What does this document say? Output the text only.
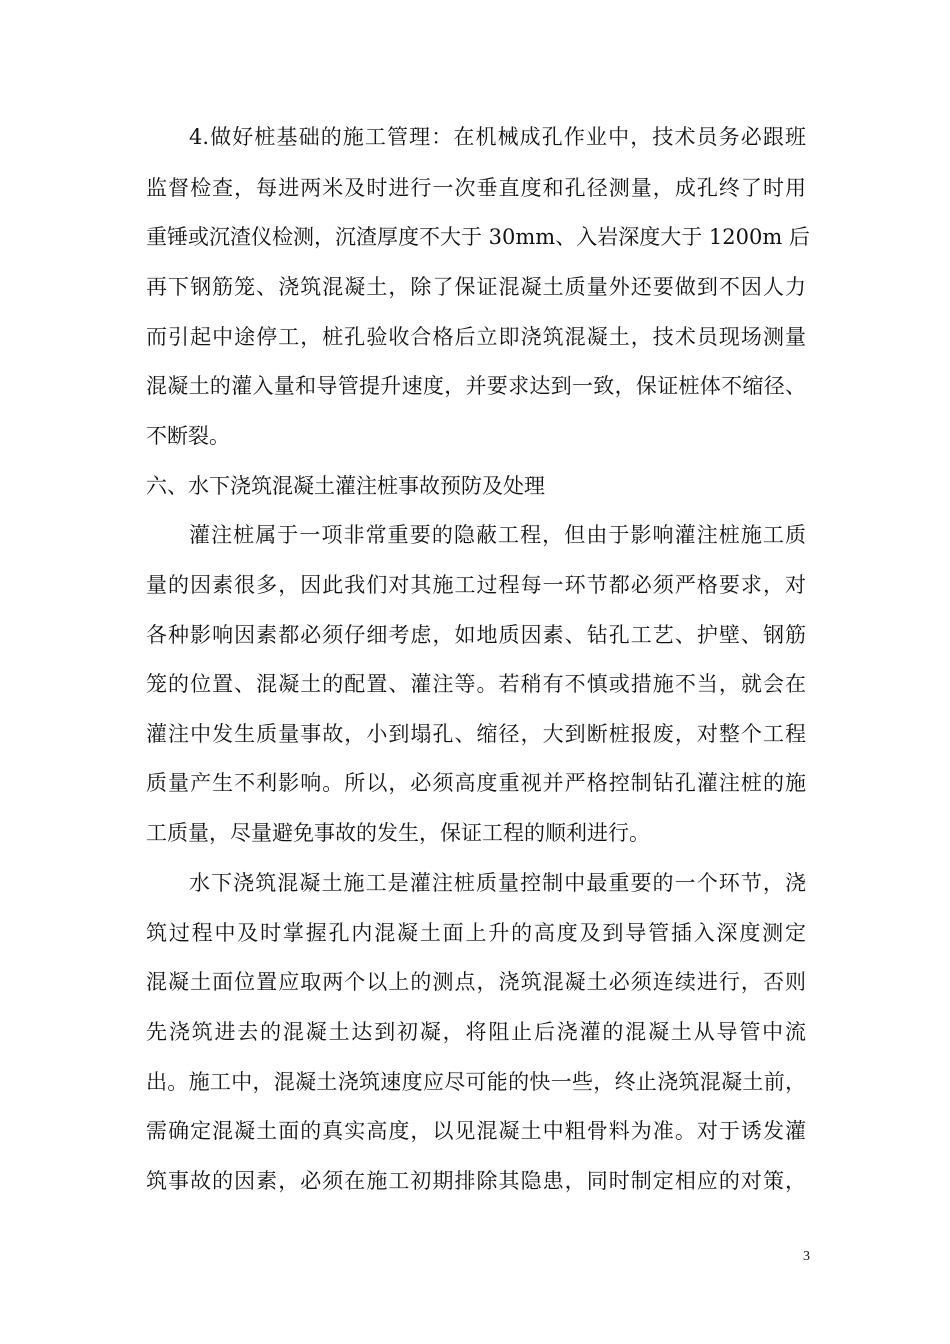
4.做好桩基础的施工管理：在机械成孔作业中，技术员务必跟班
监督检查，每进两米及时进行一次垂直度和孔径测量，成孔终了时用
重锤或沉渣仪检测，沉渣厚度不大于 30mm、入岩深度大于 1200m 后
再下钢筋笼、浇筑混凝土，除了保证混凝土质量外还要做到不因人力
而引起中途停工，桩孔验收合格后立即浇筑混凝土，技术员现场测量
混凝土的灌入量和导管提升速度，并要求达到一致，保证桩体不缩径、
不断裂。
六、水下浇筑混凝土灌注桩事故预防及处理
灌注桩属于一项非常重要的隐蔽工程，但由于影响灌注桩施工质
量的因素很多，因此我们对其施工过程每一环节都必须严格要求，对
各种影响因素都必须仔细考虑，如地质因素、钻孔工艺、护壁、钢筋
笼的位置、混凝土的配置、灌注等。若稍有不慎或措施不当，就会在
灌注中发生质量事故，小到塌孔、缩径，大到断桩报废，对整个工程
质量产生不利影响。所以，必须高度重视并严格控制钻孔灌注桩的施
工质量，尽量避免事故的发生，保证工程的顺利进行。
水下浇筑混凝土施工是灌注桩质量控制中最重要的一个环节，浇
筑过程中及时掌握孔内混凝土面上升的高度及到导管插入深度测定
混凝土面位置应取两个以上的测点，浇筑混凝土必须连续进行，否则
先浇筑进去的混凝土达到初凝，将阻止后浇灌的混凝土从导管中流
出。施工中，混凝土浇筑速度应尽可能的快一些，终止浇筑混凝土前，
需确定混凝土面的真实高度，以见混凝土中粗骨料为准。对于诱发灌
筑事故的因素，必须在施工初期排除其隐患，同时制定相应的对策，
3
